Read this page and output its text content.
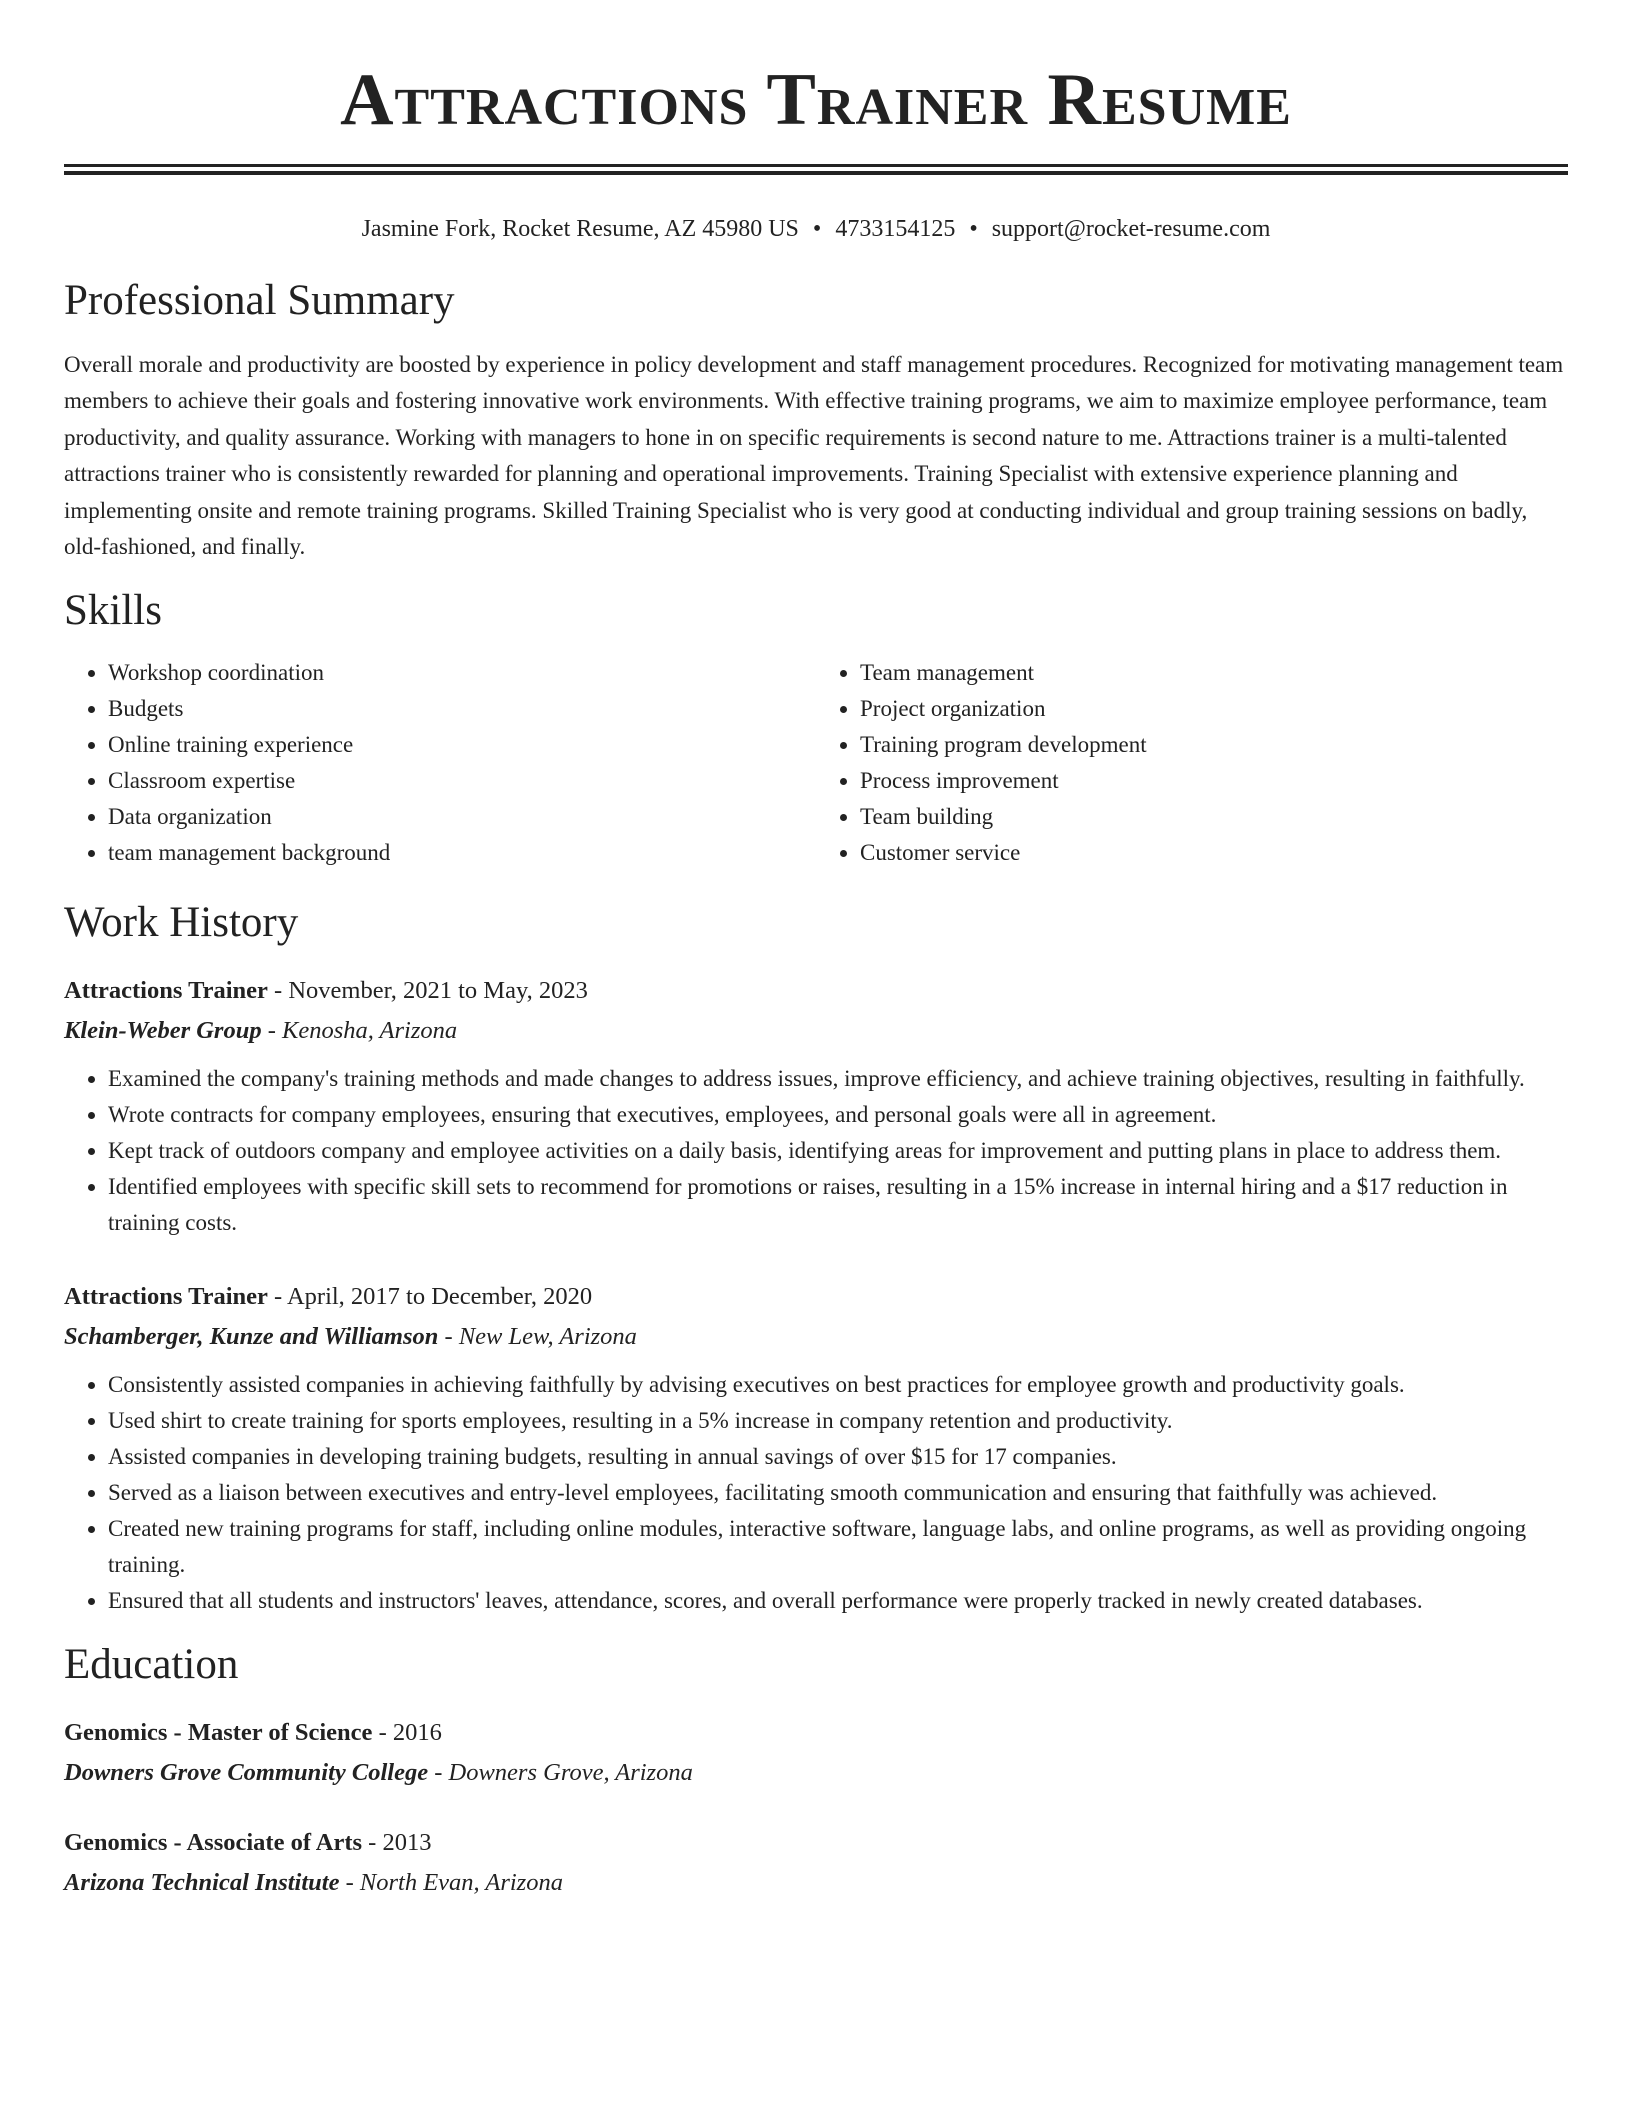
Attractions Trainer Resume
Jasmine Fork, Rocket Resume, AZ 45980 US • 4733154125 • support@rocket-resume.com
Professional Summary
Overall morale and productivity are boosted by experience in policy development and staff management procedures. Recognized for motivating management team members to achieve their goals and fostering innovative work environments. With effective training programs, we aim to maximize employee performance, team productivity, and quality assurance. Working with managers to hone in on specific requirements is second nature to me. Attractions trainer is a multi-talented attractions trainer who is consistently rewarded for planning and operational improvements. Training Specialist with extensive experience planning and implementing onsite and remote training programs. Skilled Training Specialist who is very good at conducting individual and group training sessions on badly, old-fashioned, and finally.
Skills
• Workshop coordination
• Budgets
• Online training experience
• Classroom expertise
• Data organization
• team management background
• Team management
• Project organization
• Training program development
• Process improvement
• Team building
• Customer service
Work History
Attractions Trainer - November, 2021 to May, 2023
Klein-Weber Group - Kenosha, Arizona
• Examined the company's training methods and made changes to address issues, improve efficiency, and achieve training objectives, resulting in faithfully.
• Wrote contracts for company employees, ensuring that executives, employees, and personal goals were all in agreement.
• Kept track of outdoors company and employee activities on a daily basis, identifying areas for improvement and putting plans in place to address them.
• Identified employees with specific skill sets to recommend for promotions or raises, resulting in a 15% increase in internal hiring and a $17 reduction in training costs.
Attractions Trainer - April, 2017 to December, 2020
Schamberger, Kunze and Williamson - New Lew, Arizona
• Consistently assisted companies in achieving faithfully by advising executives on best practices for employee growth and productivity goals.
• Used shirt to create training for sports employees, resulting in a 5% increase in company retention and productivity.
• Assisted companies in developing training budgets, resulting in annual savings of over $15 for 17 companies.
• Served as a liaison between executives and entry-level employees, facilitating smooth communication and ensuring that faithfully was achieved.
• Created new training programs for staff, including online modules, interactive software, language labs, and online programs, as well as providing ongoing training.
• Ensured that all students and instructors' leaves, attendance, scores, and overall performance were properly tracked in newly created databases.
Education
Genomics - Master of Science - 2016
Downers Grove Community College - Downers Grove, Arizona
Genomics - Associate of Arts - 2013
Arizona Technical Institute - North Evan, Arizona
